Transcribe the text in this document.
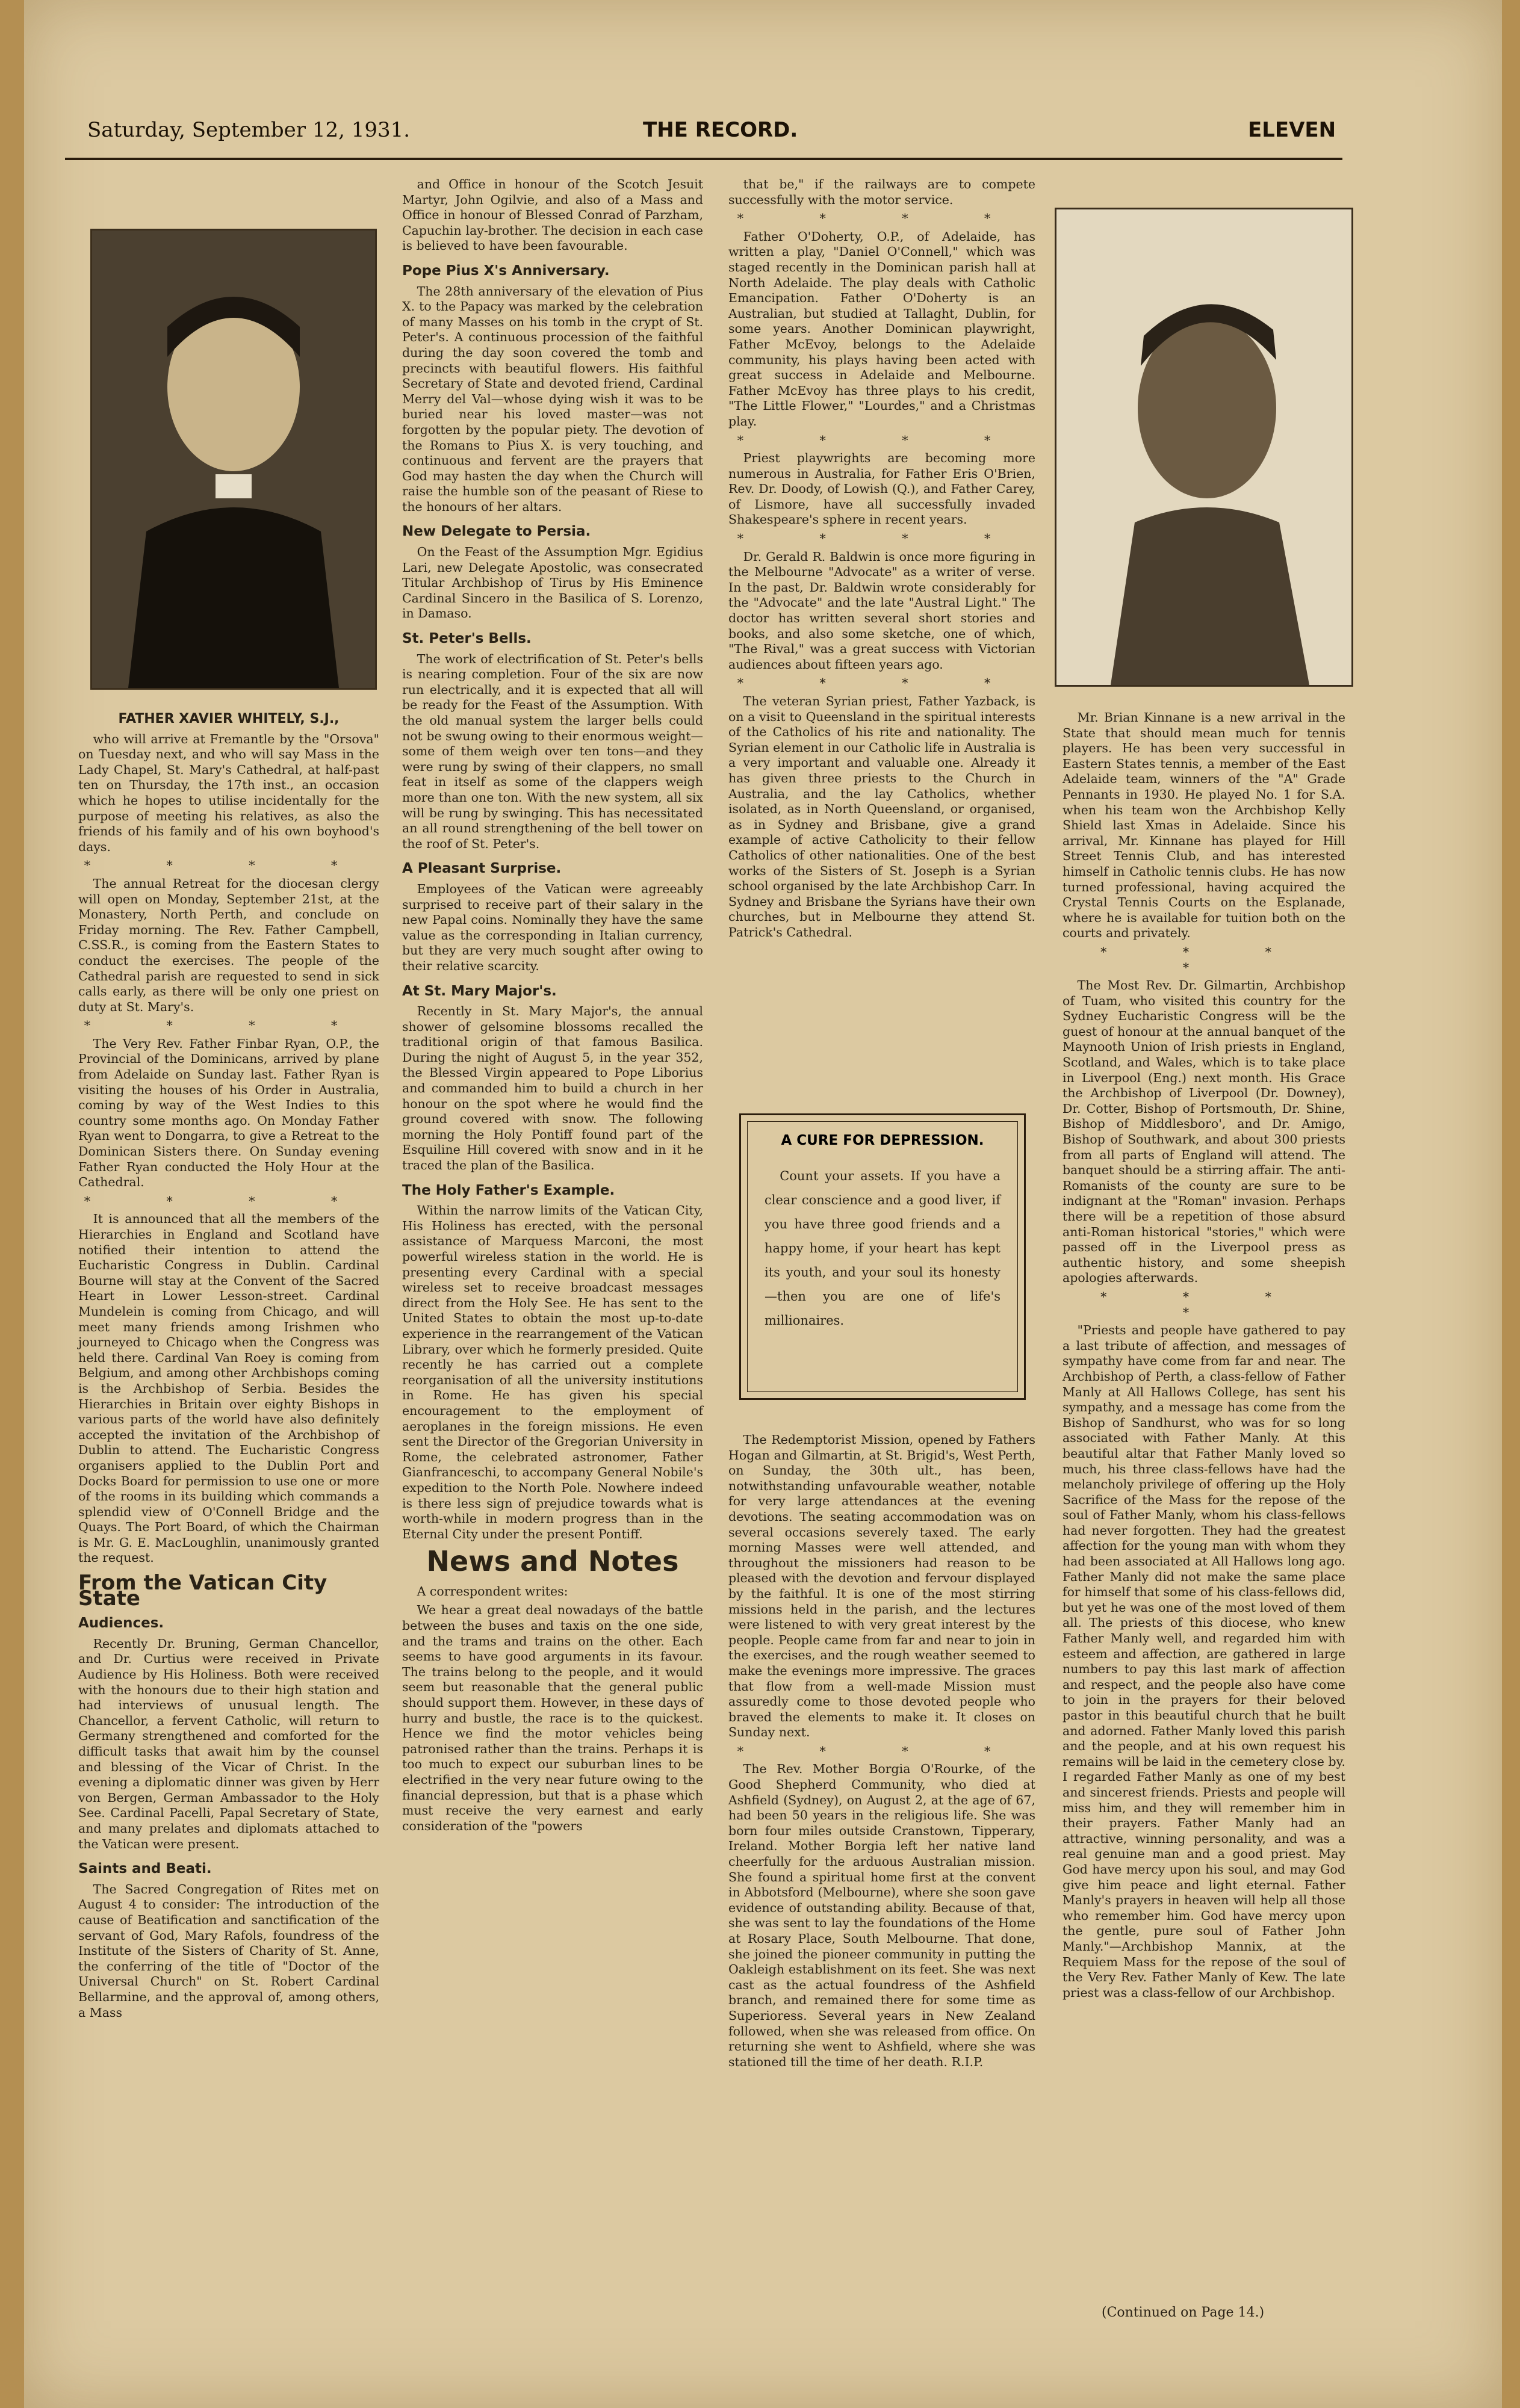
Saturday, September 12, 1931.	THE RECORD.	ELEVEN
FATHER XAVIER WHITELY, S.J.,

who will arrive at Fremantle by the "Orsova" on Tuesday next, and who will say Mass in the Lady Chapel, St. Mary's Cathedral, at half-past ten on Thursday, the 17th inst., an occasion which he hopes to utilise incidentally for the purpose of meeting his relatives, as also the friends of his family and of his own boyhood's days.

* * * *

The annual Retreat for the diocesan clergy will open on Monday, September 21st, at the Monastery, North Perth, and conclude on Friday morning. The Rev. Father Campbell, C.SS.R., is coming from the Eastern States to conduct the exercises. The people of the Cathedral parish are requested to send in sick calls early, as there will be only one priest on duty at St. Mary's.

* * * *

The Very Rev. Father Finbar Ryan, O.P., the Provincial of the Dominicans, arrived by plane from Adelaide on Sunday last. Father Ryan is visiting the houses of his Order in Australia, coming by way of the West Indies to this country some months ago. On Monday Father Ryan went to Dongarra, to give a Retreat to the Dominican Sisters there. On Sunday evening Father Ryan conducted the Holy Hour at the Cathedral.

* * * *

It is announced that all the members of the Hierarchies in England and Scotland have notified their intention to attend the Eucharistic Congress in Dublin. Cardinal Bourne will stay at the Convent of the Sacred Heart in Lower Lesson-street. Cardinal Mundelein is coming from Chicago, and will meet many friends among Irishmen who journeyed to Chicago when the Congress was held there. Cardinal Van Roey is coming from Belgium, and among other Archbishops coming is the Archbishop of Serbia. Besides the Hierarchies in Britain over eighty Bishops in various parts of the world have also definitely accepted the invitation of the Archbishop of Dublin to attend. The Eucharistic Congress organisers applied to the Dublin Port and Docks Board for permission to use one or more of the rooms in its building which commands a splendid view of O'Connell Bridge and the Quays. The Port Board, of which the Chairman is Mr. G. E. MacLoughlin, unanimously granted the request.

From the Vatican City State
Audiences.

Recently Dr. Bruning, German Chancellor, and Dr. Curtius were received in Private Audience by His Holiness. Both were received with the honours due to their high station and had interviews of unusual length. The Chancellor, a fervent Catholic, will return to Germany strengthened and comforted for the difficult tasks that await him by the counsel and blessing of the Vicar of Christ. In the evening a diplomatic dinner was given by Herr von Bergen, German Ambassador to the Holy See. Cardinal Pacelli, Papal Secretary of State, and many prelates and diplomats attached to the Vatican were present.

Saints and Beati.

The Sacred Congregation of Rites met on August 4 to consider: The introduction of the cause of Beatification and sanctification of the servant of God, Mary Rafols, foundress of the Institute of the Sisters of Charity of St. Anne, the conferring of the title of "Doctor of the Universal Church" on St. Robert Cardinal Bellarmine, and the approval of, among others, a Mass

and Office in honour of the Scotch Jesuit Martyr, John Ogilvie, and also of a Mass and Office in honour of Blessed Conrad of Parzham, Capuchin lay-brother. The decision in each case is believed to have been favourable.

Pope Pius X's Anniversary.

The 28th anniversary of the elevation of Pius X. to the Papacy was marked by the celebration of many Masses on his tomb in the crypt of St. Peter's. A continuous procession of the faithful during the day soon covered the tomb and precincts with beautiful flowers. His faithful Secretary of State and devoted friend, Cardinal Merry del Val—whose dying wish it was to be buried near his loved master—was not forgotten by the popular piety. The devotion of the Romans to Pius X. is very touching, and continuous and fervent are the prayers that God may hasten the day when the Church will raise the humble son of the peasant of Riese to the honours of her altars.

New Delegate to Persia.

On the Feast of the Assumption Mgr. Egidius Lari, new Delegate Apostolic, was consecrated Titular Archbishop of Tirus by His Eminence Cardinal Sincero in the Basilica of S. Lorenzo, in Damaso.

St. Peter's Bells.

The work of electrification of St. Peter's bells is nearing completion. Four of the six are now run electrically, and it is expected that all will be ready for the Feast of the Assumption. With the old manual system the larger bells could not be swung owing to their enormous weight—some of them weigh over ten tons—and they were rung by swing of their clappers, no small feat in itself as some of the clappers weigh more than one ton. With the new system, all six will be rung by swinging. This has necessitated an all round strengthening of the bell tower on the roof of St. Peter's.

A Pleasant Surprise.

Employees of the Vatican were agreeably surprised to receive part of their salary in the new Papal coins. Nominally they have the same value as the corresponding in Italian currency, but they are very much sought after owing to their relative scarcity.

At St. Mary Major's.

Recently in St. Mary Major's, the annual shower of gelsomine blossoms recalled the traditional origin of that famous Basilica. During the night of August 5, in the year 352, the Blessed Virgin appeared to Pope Liborius and commanded him to build a church in her honour on the spot where he would find the ground covered with snow. The following morning the Holy Pontiff found part of the Esquiline Hill covered with snow and in it he traced the plan of the Basilica.

The Holy Father's Example.

Within the narrow limits of the Vatican City, His Holiness has erected, with the personal assistance of Marquess Marconi, the most powerful wireless station in the world. He is presenting every Cardinal with a special wireless set to receive broadcast messages direct from the Holy See. He has sent to the United States to obtain the most up-to-date experience in the rearrangement of the Vatican Library, over which he formerly presided. Quite recently he has carried out a complete reorganisation of all the university institutions in Rome. He has given his special encouragement to the employment of aeroplanes in the foreign missions. He even sent the Director of the Gregorian University in Rome, the celebrated astronomer, Father Gianfranceschi, to accompany General Nobile's expedition to the North Pole. Nowhere indeed is there less sign of prejudice towards what is worth-while in modern progress than in the Eternal City under the present Pontiff.

News and Notes

A correspondent writes:

We hear a great deal nowadays of the battle between the buses and taxis on the one side, and the trams and trains on the other. Each seems to have good arguments in its favour. The trains belong to the people, and it would seem but reasonable that the general public should support them. However, in these days of hurry and bustle, the race is to the quickest. Hence we find the motor vehicles being patronised rather than the trains. Perhaps it is too much to expect our suburban lines to be electrified in the very near future owing to the financial depression, but that is a phase which must receive the very earnest and early consideration of the "powers

that be," if the railways are to compete successfully with the motor service.

* * * *

Father O'Doherty, O.P., of Adelaide, has written a play, "Daniel O'Connell," which was staged recently in the Dominican parish hall at North Adelaide. The play deals with Catholic Emancipation. Father O'Doherty is an Australian, but studied at Tallaght, Dublin, for some years. Another Dominican playwright, Father McEvoy, belongs to the Adelaide community, his plays having been acted with great success in Adelaide and Melbourne. Father McEvoy has three plays to his credit, "The Little Flower," "Lourdes," and a Christmas play.

* * * *

Priest playwrights are becoming more numerous in Australia, for Father Eris O'Brien, Rev. Dr. Doody, of Lowish (Q.), and Father Carey, of Lismore, have all successfully invaded Shakespeare's sphere in recent years.

* * * *

Dr. Gerald R. Baldwin is once more figuring in the Melbourne "Advocate" as a writer of verse. In the past, Dr. Baldwin wrote considerably for the "Advocate" and the late "Austral Light." The doctor has written several short stories and books, and also some sketche, one of which, "The Rival," was a great success with Victorian audiences about fifteen years ago.

* * * *

The veteran Syrian priest, Father Yazback, is on a visit to Queensland in the spiritual interests of the Catholics of his rite and nationality. The Syrian element in our Catholic life in Australia is a very important and valuable one. Already it has given three priests to the Church in Australia, and the lay Catholics, whether isolated, as in North Queensland, or organised, as in Sydney and Brisbane, give a grand example of active Catholicity to their fellow Catholics of other nationalities. One of the best works of the Sisters of St. Joseph is a Syrian school organised by the late Archbishop Carr. In Sydney and Brisbane the Syrians have their own churches, but in Melbourne they attend St. Patrick's Cathedral.

A CURE FOR DEPRESSION.

Count your assets. If you have a clear conscience and a good liver, if you have three good friends and a happy home, if your heart has kept its youth, and your soul its honesty—then you are one of life's millionaires.

The Redemptorist Mission, opened by Fathers Hogan and Gilmartin, at St. Brigid's, West Perth, on Sunday, the 30th ult., has been, notwithstanding unfavourable weather, notable for very large attendances at the evening devotions. The seating accommodation was on several occasions severely taxed. The early morning Masses were well attended, and throughout the missioners had reason to be pleased with the devotion and fervour displayed by the faithful. It is one of the most stirring missions held in the parish, and the lectures were listened to with very great interest by the people. People came from far and near to join in the exercises, and the rough weather seemed to make the evenings more impressive. The graces that flow from a well-made Mission must assuredly come to those devoted people who braved the elements to make it. It closes on Sunday next.

* * * *

The Rev. Mother Borgia O'Rourke, of the Good Shepherd Community, who died at Ashfield (Sydney), on August 2, at the age of 67, had been 50 years in the religious life. She was born four miles outside Cranstown, Tipperary, Ireland. Mother Borgia left her native land cheerfully for the arduous Australian mission. She found a spiritual home first at the convent in Abbotsford (Melbourne), where she soon gave evidence of outstanding ability. Because of that, she was sent to lay the foundations of the Home at Rosary Place, South Melbourne. That done, she joined the pioneer community in putting the Oakleigh establishment on its feet. She was next cast as the actual foundress of the Ashfield branch, and remained there for some time as Superioress. Several years in New Zealand followed, when she was released from office. On returning she went to Ashfield, where she was stationed till the time of her death. R.I.P.

Mr. Brian Kinnane is a new arrival in the State that should mean much for tennis players. He has been very successful in Eastern States tennis, a member of the East Adelaide team, winners of the "A" Grade Pennants in 1930. He played No. 1 for S.A. when his team won the Archbishop Kelly Shield last Xmas in Adelaide. Since his arrival, Mr. Kinnane has played for Hill Street Tennis Club, and has interested himself in Catholic tennis clubs. He has now turned professional, having acquired the Crystal Tennis Courts on the Esplanade, where he is available for tuition both on the courts and privately.

* * * *

The Most Rev. Dr. Gilmartin, Archbishop of Tuam, who visited this country for the Sydney Eucharistic Congress will be the guest of honour at the annual banquet of the Maynooth Union of Irish priests in England, Scotland, and Wales, which is to take place in Liverpool (Eng.) next month. His Grace the Archbishop of Liverpool (Dr. Downey), Dr. Cotter, Bishop of Portsmouth, Dr. Shine, Bishop of Middlesboro', and Dr. Amigo, Bishop of Southwark, and about 300 priests from all parts of England will attend. The banquet should be a stirring affair. The anti-Romanists of the county are sure to be indignant at the "Roman" invasion. Perhaps there will be a repetition of those absurd anti-Roman historical "stories," which were passed off in the Liverpool press as authentic history, and some sheepish apologies afterwards.

* * * *

"Priests and people have gathered to pay a last tribute of affection, and messages of sympathy have come from far and near. The Archbishop of Perth, a class-fellow of Father Manly at All Hallows College, has sent his sympathy, and a message has come from the Bishop of Sandhurst, who was for so long associated with Father Manly. At this beautiful altar that Father Manly loved so much, his three class-fellows have had the melancholy privilege of offering up the Holy Sacrifice of the Mass for the repose of the soul of Father Manly, whom his class-fellows had never forgotten. They had the greatest affection for the young man with whom they had been associated at All Hallows long ago. Father Manly did not make the same place for himself that some of his class-fellows did, but yet he was one of the most loved of them all. The priests of this diocese, who knew Father Manly well, and regarded him with esteem and affection, are gathered in large numbers to pay this last mark of affection and respect, and the people also have come to join in the prayers for their beloved pastor in this beautiful church that he built and adorned. Father Manly loved this parish and the people, and at his own request his remains will be laid in the cemetery close by. I regarded Father Manly as one of my best and sincerest friends. Priests and people will miss him, and they will remember him in their prayers. Father Manly had an attractive, winning personality, and was a real genuine man and a good priest. May God have mercy upon his soul, and may God give him peace and light eternal. Father Manly's prayers in heaven will help all those who remember him. God have mercy upon the gentle, pure soul of Father John Manly."—Archbishop Mannix, at the Requiem Mass for the repose of the soul of the Very Rev. Father Manly of Kew. The late priest was a class-fellow of our Archbishop.

(Continued on Page 14.)
